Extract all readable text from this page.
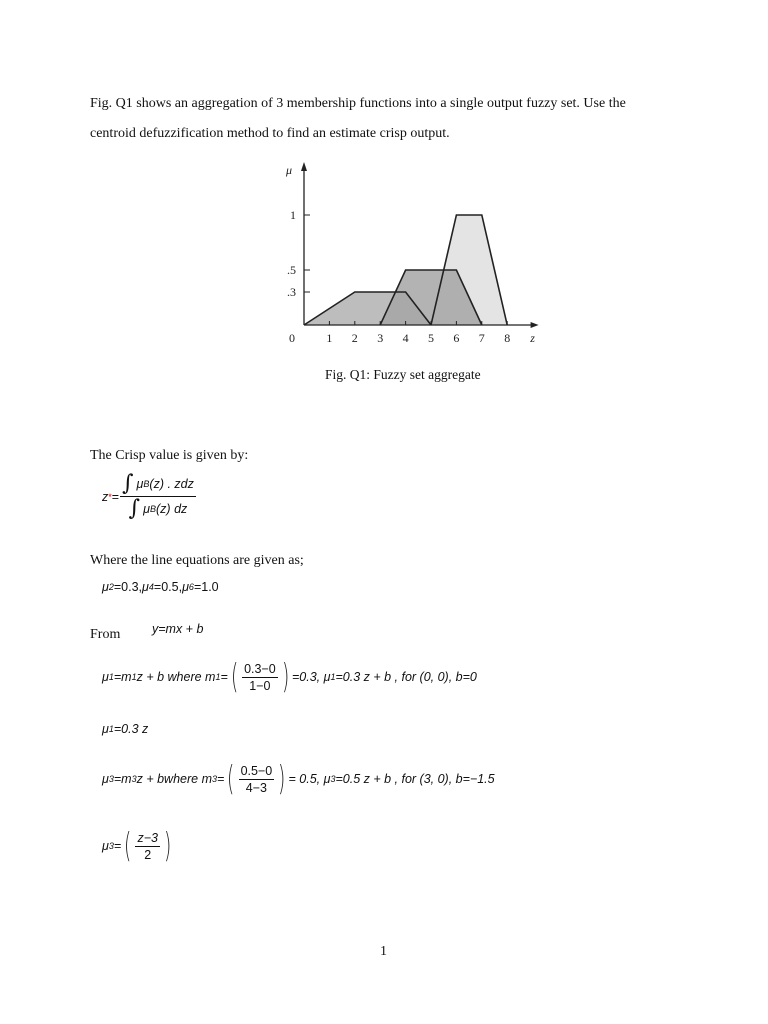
Fig. Q1 shows an aggregation of 3 membership functions into a single output fuzzy set. Use the
centroid defuzzification method to find an estimate crisp output.
0	1 2 3 4 5 6 7 8
.3
.5
1
μ
z
Fig. Q1: Fuzzy set aggregate
The Crisp value is given by:
z * = $\frac{\text{∫ μ B (z) . zdz}}{\text{∫ μ B (z) dz}}$
Where the line equations are given as;
μ 2 =0.3, μ 4 =0.5, μ 6 =1.0
From	y=mx + b
μ 1 =m 1 z + b where m 1 = ( $\frac{0.3-0}{1-0}$ ) =0.3, μ 1 =0.3 z + b , for (0, 0), b=0
μ 1 =0.3 z
μ 3 =m 3 z + bwhere m 3 = ( $\frac{0.5-0}{4-3}$ ) = 0.5, μ 3 =0.5 z + b , for (3, 0), b=−1.5
μ 3 = ( $\frac{z-3}{2}$ )
1
